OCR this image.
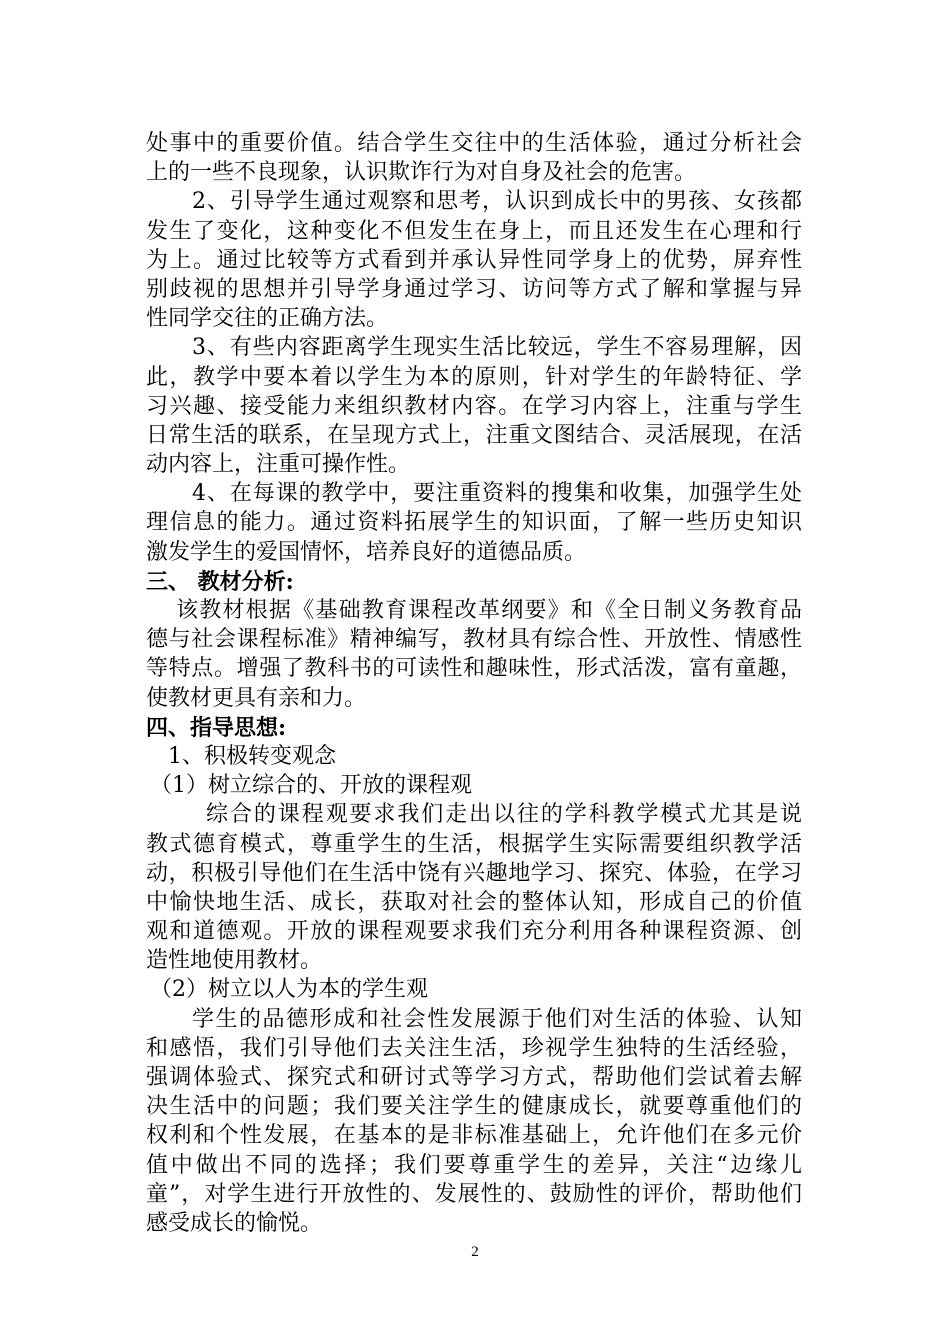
处事中的重要价值。结合学生交往中的生活体验，通过分析社会
上的一些不良现象，认识欺诈行为对自身及社会的危害。
2、引导学生通过观察和思考，认识到成长中的男孩、女孩都
发生了变化，这种变化不但发生在身上，而且还发生在心理和行
为上。通过比较等方式看到并承认异性同学身上的优势，屏弃性
别歧视的思想并引导学身通过学习、访问等方式了解和掌握与异
性同学交往的正确方法。
3、有些内容距离学生现实生活比较远，学生不容易理解，因
此，教学中要本着以学生为本的原则，针对学生的年龄特征、学
习兴趣、接受能力来组织教材内容。在学习内容上，注重与学生
日常生活的联系，在呈现方式上，注重文图结合、灵活展现，在活
动内容上，注重可操作性。
4、在每课的教学中，要注重资料的搜集和收集，加强学生处
理信息的能力。通过资料拓展学生的知识面，了解一些历史知识
激发学生的爱国情怀，培养良好的道德品质。
三、 教材分析:
该教材根据《基础教育课程改革纲要》和《全日制义务教育品
德与社会课程标准》精神编写，教材具有综合性、开放性、情感性
等特点。增强了教科书的可读性和趣味性，形式活泼，富有童趣，
使教材更具有亲和力。
四、指导思想:
1、积极转变观念
（1）树立综合的、开放的课程观
综合的课程观要求我们走出以往的学科教学模式尤其是说
教式德育模式，尊重学生的生活，根据学生实际需要组织教学活
动，积极引导他们在生活中饶有兴趣地学习、探究、体验，在学习
中愉快地生活、成长，获取对社会的整体认知，形成自己的价值
观和道德观。开放的课程观要求我们充分利用各种课程资源、创
造性地使用教材。
（2）树立以人为本的学生观
学生的品德形成和社会性发展源于他们对生活的体验、认知
和感悟，我们引导他们去关注生活，珍视学生独特的生活经验，
强调体验式、探究式和研讨式等学习方式，帮助他们尝试着去解
决生活中的问题；我们要关注学生的健康成长，就要尊重他们的
权利和个性发展，在基本的是非标准基础上，允许他们在多元价
值中做出不同的选择；我们要尊重学生的差异，关注“边缘儿
童”，对学生进行开放性的、发展性的、鼓励性的评价，帮助他们
感受成长的愉悦。
2
